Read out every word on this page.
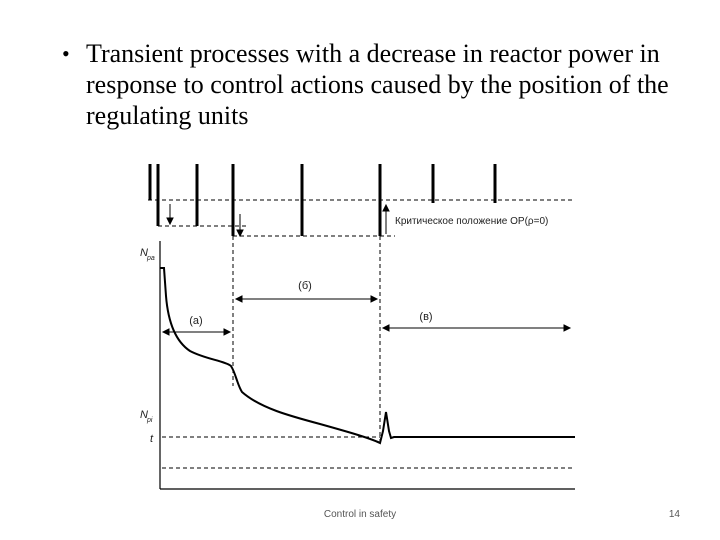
• Transient processes with a decrease in reactor power in response to control actions caused by the position of the regulating units
Критическое положение ОР(ρ=0)
N ра
N рi
t
(а)
(б)
(в)
Control in safety	14
